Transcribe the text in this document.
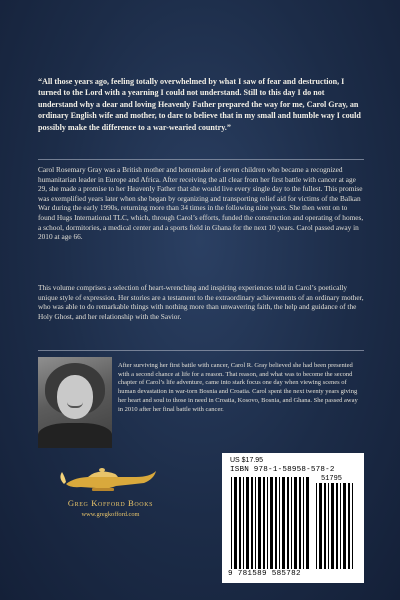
“All those years ago, feeling totally overwhelmed by what I saw of fear and destruction, I turned to the Lord with a yearning I could not understand. Still to this day I do not understand why a dear and loving Heavenly Father prepared the way for me, Carol Gray, an ordinary English wife and mother, to dare to believe that in my small and humble way I could possibly make the difference to a war-wearied country.”
Carol Rosemary Gray was a British mother and homemaker of seven children who became a recognized humanitarian leader in Europe and Africa. After receiving the all clear from her first battle with cancer at age 29, she made a promise to her Heavenly Father that she would live every single day to the fullest. This promise was exemplified years later when she began by organizing and transporting relief aid for victims of the Balkan War during the early 1990s, returning more than 34 times in the following nine years. She then went on to found Hugs International TLC, which, through Carol’s efforts, funded the construction and operating of homes, a school, dormitories, a medical center and a sports field in Ghana for the next 10 years. Carol passed away in 2010 at age 66.
This volume comprises a selection of heart-wrenching and inspiring experiences told in Carol’s poetically unique style of expression. Her stories are a testament to the extraordinary achievements of an ordinary mother, who was able to do remarkable things with nothing more than unwavering faith, the help and guidance of the Holy Ghost, and her relationship with the Savior.
After surviving her first battle with cancer, Carol R. Gray believed she had been presented with a second chance at life for a reason. That reason, and what was to become the second chapter of Carol’s life adventure, came into stark focus one day when viewing scenes of human devastation in war-torn Bosnia and Croatia. Carol spent the next twenty years giving her heart and soul to those in need in Croatia, Kosovo, Bosnia, and Ghana. She passed away in 2010 after her final battle with cancer.
Greg Kofford Books
www.gregkofford.com
US $17.95
ISBN 978-1-58958-578-2
51795
9 781589 585782
